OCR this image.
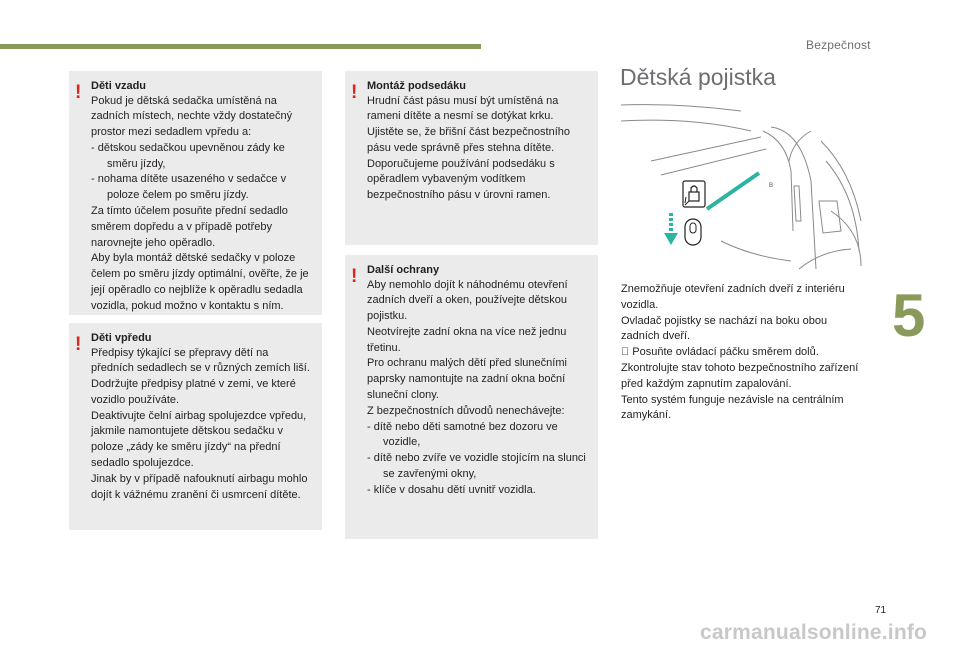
Bezpečnost
! Děti vzadu
Pokud je dětská sedačka umístěná na zadních místech, nechte vždy dostatečný prostor mezi sedadlem vpředu a:
- dětskou sedačkou upevněnou zády ke směru jízdy,
- nohama dítěte usazeného v sedačce v poloze čelem po směru jízdy.
Za tímto účelem posuňte přední sedadlo směrem dopředu a v případě potřeby narovnejte jeho opěradlo.
Aby byla montáž dětské sedačky v poloze čelem po směru jízdy optimální, ověřte, že je její opěradlo co nejblíže k opěradlu sedadla vozidla, pokud možno v kontaktu s ním.
! Děti vpředu
Předpisy týkající se přepravy dětí na předních sedadlech se v různých zemích liší. Dodržujte předpisy platné v zemi, ve které vozidlo používáte.
Deaktivujte čelní airbag spolujezdce vpředu, jakmile namontujete dětskou sedačku v poloze „zády ke směru jízdy“ na přední sedadlo spolujezdce.
Jinak by v případě nafouknutí airbagu mohlo dojít k vážnému zranění či usmrcení dítěte.
! Montáž podsedáku
Hrudní část pásu musí být umístěná na rameni dítěte a nesmí se dotýkat krku.
Ujistěte se, že břišní část bezpečnostního pásu vede správně přes stehna dítěte.
Doporučujeme používání podsedáku s opěradlem vybaveným vodítkem bezpečnostního pásu v úrovni ramen.
! Další ochrany
Aby nemohlo dojít k náhodnému otevření zadních dveří a oken, používejte dětskou pojistku.
Neotvírejte zadní okna na více než jednu třetinu.
Pro ochranu malých dětí před slunečními paprsky namontujte na zadní okna boční sluneční clony.
Z bezpečnostních důvodů nenechávejte:
- dítě nebo děti samotné bez dozoru ve vozidle,
- dítě nebo zvíře ve vozidle stojícím na slunci se zavřenými okny,
- klíče v dosahu dětí uvnitř vozidla.
Dětská pojistka
B
Znemožňuje otevření zadních dveří z interiéru vozidla.
Ovladač pojistky se nachází na boku obou zadních dveří.
Posuňte ovládací páčku směrem dolů.
Zkontrolujte stav tohoto bezpečnostního zařízení před každým zapnutím zapalování.
Tento systém funguje nezávisle na centrálním zamykání.
5
71
carmanualsonline.info
